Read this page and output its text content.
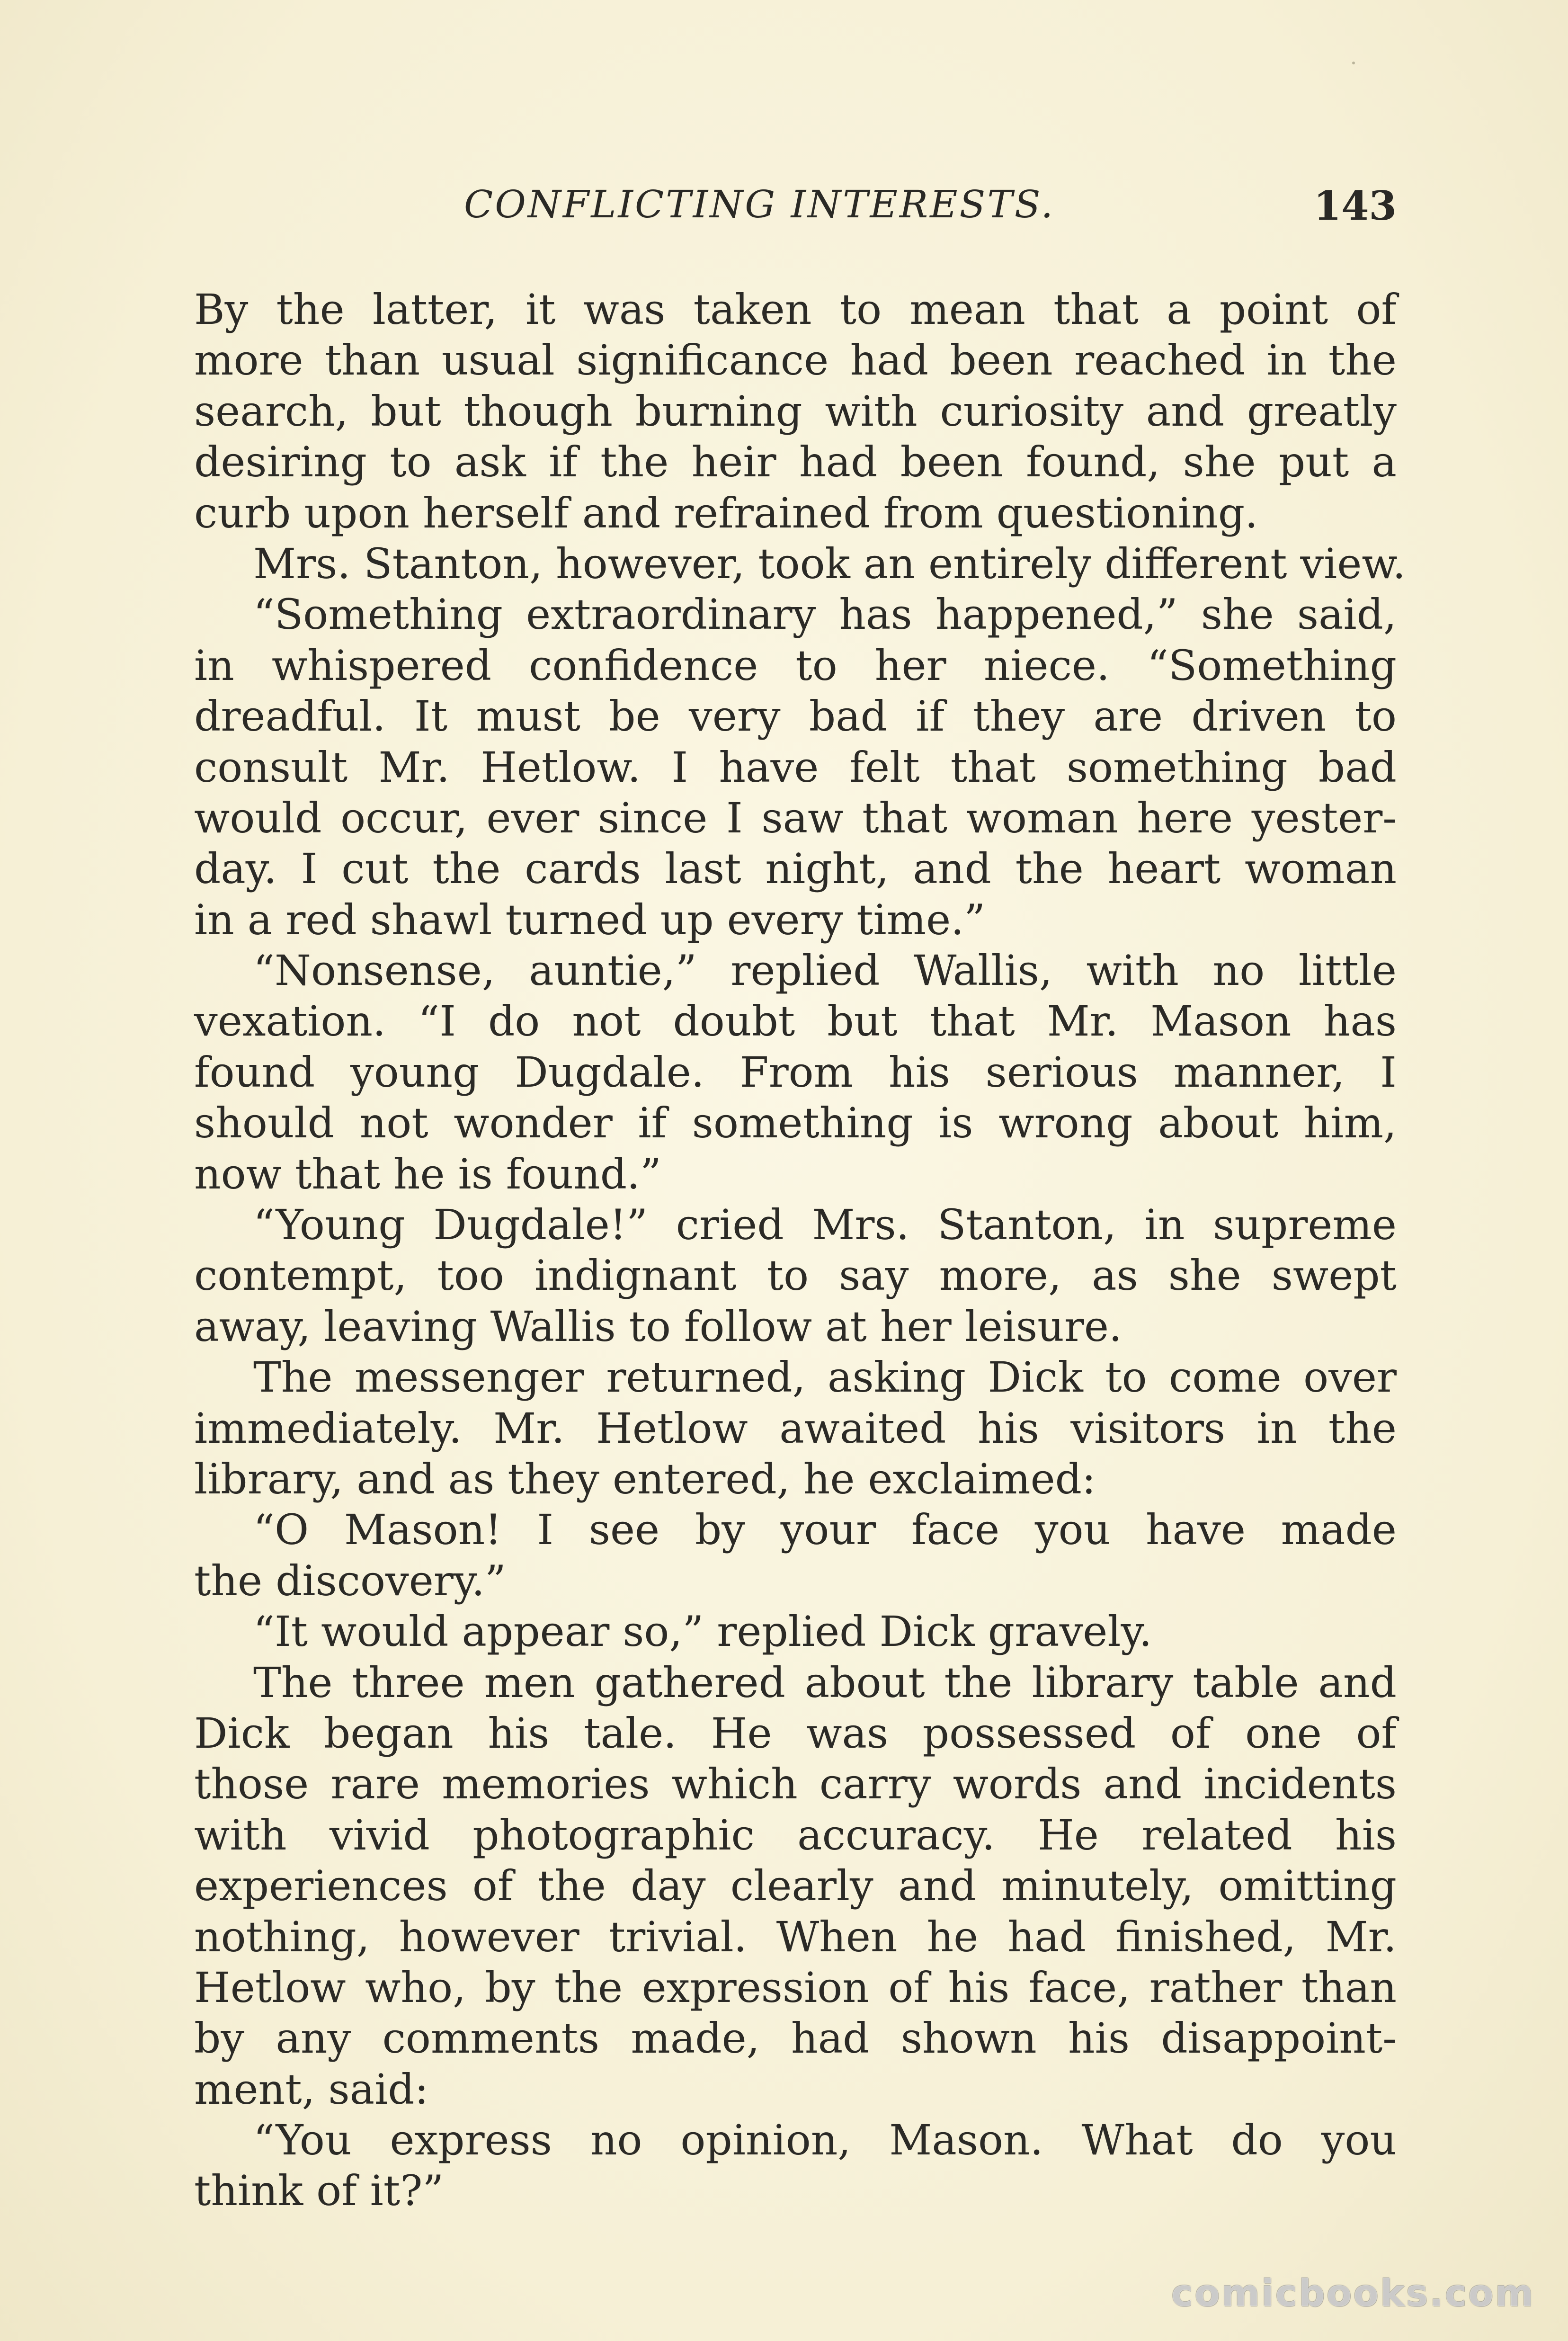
CONFLICTING INTERESTS.	143
By the latter, it was taken to mean that a point of
more than usual significance had been reached in the
search, but though burning with curiosity and greatly
desiring to ask if the heir had been found, she put a
curb upon herself and refrained from questioning.
Mrs. Stanton, however, took an entirely different view.
“Something extraordinary has happened,” she said,
in whispered confidence to her niece. “Something
dreadful. It must be very bad if they are driven to
consult Mr. Hetlow. I have felt that something bad
would occur, ever since I saw that woman here yester-
day. I cut the cards last night, and the heart woman
in a red shawl turned up every time.”
“Nonsense, auntie,” replied Wallis, with no little
vexation. “I do not doubt but that Mr. Mason has
found young Dugdale. From his serious manner, I
should not wonder if something is wrong about him,
now that he is found.”
“Young Dugdale!” cried Mrs. Stanton, in supreme
contempt, too indignant to say more, as she swept
away, leaving Wallis to follow at her leisure.
The messenger returned, asking Dick to come over
immediately. Mr. Hetlow awaited his visitors in the
library, and as they entered, he exclaimed:
“O Mason! I see by your face you have made
the discovery.”
“It would appear so,” replied Dick gravely.
The three men gathered about the library table and
Dick began his tale. He was possessed of one of
those rare memories which carry words and incidents
with vivid photographic accuracy. He related his
experiences of the day clearly and minutely, omitting
nothing, however trivial. When he had finished, Mr.
Hetlow who, by the expression of his face, rather than
by any comments made, had shown his disappoint-
ment, said:
“You express no opinion, Mason. What do you
think of it?”
comicbooks.com
